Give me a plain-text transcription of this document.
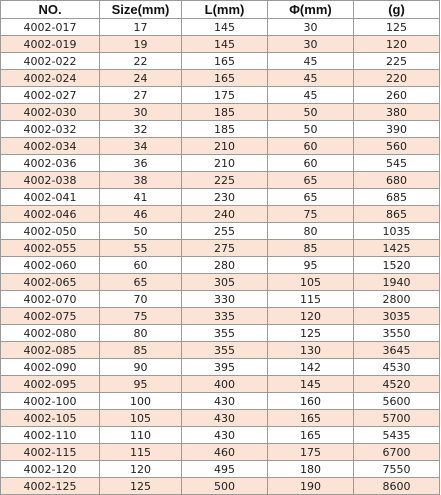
NO.	Size(mm)	L(mm)	Φ(mm)	(g)
4002-017	17	145	30	125
4002-019	19	145	30	120
4002-022	22	165	45	225
4002-024	24	165	45	220
4002-027	27	175	45	260
4002-030	30	185	50	380
4002-032	32	185	50	390
4002-034	34	210	60	560
4002-036	36	210	60	545
4002-038	38	225	65	680
4002-041	41	230	65	685
4002-046	46	240	75	865
4002-050	50	255	80	1035
4002-055	55	275	85	1425
4002-060	60	280	95	1520
4002-065	65	305	105	1940
4002-070	70	330	115	2800
4002-075	75	335	120	3035
4002-080	80	355	125	3550
4002-085	85	355	130	3645
4002-090	90	395	142	4530
4002-095	95	400	145	4520
4002-100	100	430	160	5600
4002-105	105	430	165	5700
4002-110	110	430	165	5435
4002-115	115	460	175	6700
4002-120	120	495	180	7550
4002-125	125	500	190	8600
